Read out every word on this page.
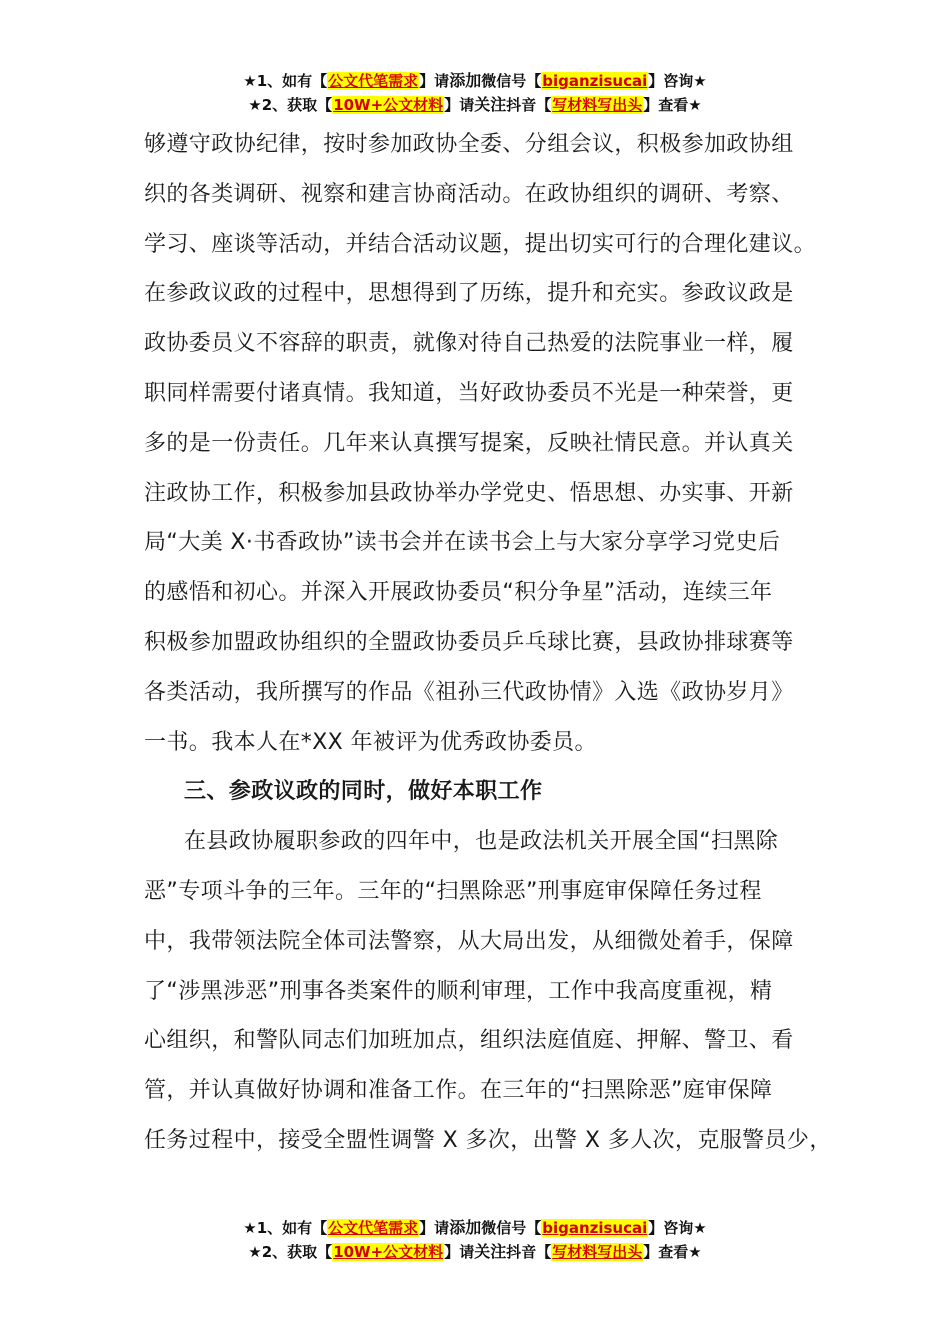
★1、如有【公文代笔需求】请添加微信号【biganzisucai】咨询★
★2、获取【10W+公文材料】请关注抖音【写材料写出头】查看★
够遵守政协纪律，按时参加政协全委、分组会议，积极参加政协组
织的各类调研、视察和建言协商活动。在政协组织的调研、考察、
学习、座谈等活动，并结合活动议题，提出切实可行的合理化建议。
在参政议政的过程中，思想得到了历练，提升和充实。参政议政是
政协委员义不容辞的职责，就像对待自己热爱的法院事业一样，履
职同样需要付诸真情。我知道，当好政协委员不光是一种荣誉，更
多的是一份责任。几年来认真撰写提案，反映社情民意。并认真关
注政协工作，积极参加县政协举办学党史、悟思想、办实事、开新
局“大美 X·书香政协”读书会并在读书会上与大家分享学习党史后
的感悟和初心。并深入开展政协委员“积分争星”活动，连续三年
积极参加盟政协组织的全盟政协委员乒乓球比赛，县政协排球赛等
各类活动，我所撰写的作品《祖孙三代政协情》入选《政协岁月》
一书。我本人在*XX 年被评为优秀政协委员。
三、参政议政的同时，做好本职工作
在县政协履职参政的四年中，也是政法机关开展全国“扫黑除
恶”专项斗争的三年。三年的“扫黑除恶”刑事庭审保障任务过程
中，我带领法院全体司法警察，从大局出发，从细微处着手，保障
了“涉黑涉恶”刑事各类案件的顺利审理，工作中我高度重视，精
心组织，和警队同志们加班加点，组织法庭值庭、押解、警卫、看
管，并认真做好协调和准备工作。在三年的“扫黑除恶”庭审保障
任务过程中，接受全盟性调警 X 多次，出警 X 多人次，克服警员少，
★1、如有【公文代笔需求】请添加微信号【biganzisucai】咨询★
★2、获取【10W+公文材料】请关注抖音【写材料写出头】查看★
